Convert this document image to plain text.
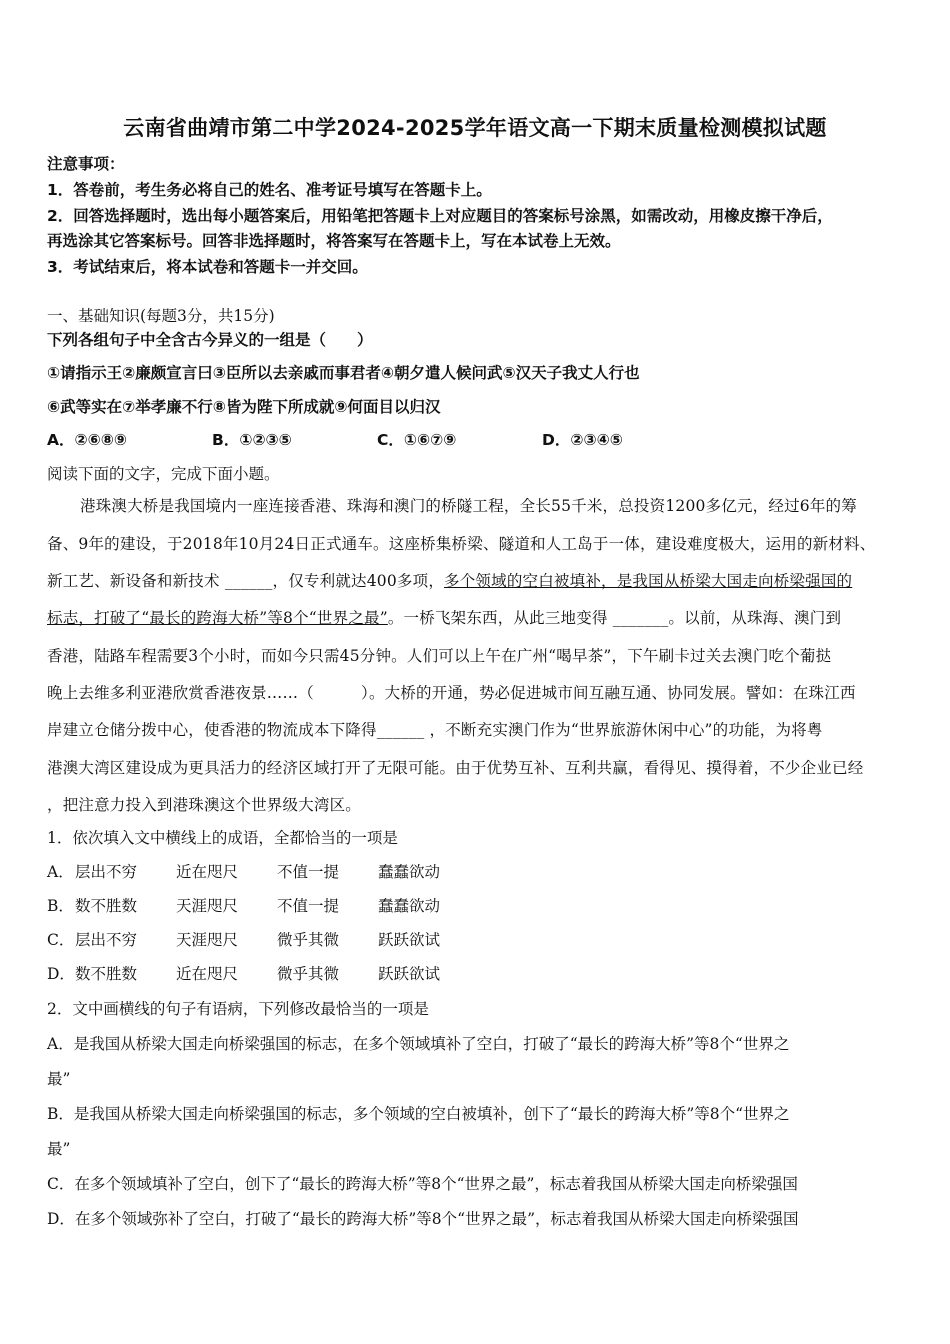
云南省曲靖市第二中学2024-2025学年语文高一下期末质量检测模拟试题
注意事项：
1．答卷前，考生务必将自己的姓名、准考证号填写在答题卡上。
2．回答选择题时，选出每小题答案后，用铅笔把答题卡上对应题目的答案标号涂黑，如需改动，用橡皮擦干净后，
再选涂其它答案标号。回答非选择题时，将答案写在答题卡上，写在本试卷上无效。
3．考试结束后，将本试卷和答题卡一并交回。
一、基础知识(每题3分，共15分)
下列各组句子中全含古今异义的一组是（　　）
①请指示王②廉颇宣言曰③臣所以去亲戚而事君者④朝夕遣人候问武⑤汉天子我丈人行也
⑥武等实在⑦举孝廉不行⑧皆为陛下所成就⑨何面目以归汉
A．②⑥⑧⑨	B．①②③⑤	C．①⑥⑦⑨	D．②③④⑤
阅读下面的文字，完成下面小题。
港珠澳大桥是我国境内一座连接香港、珠海和澳门的桥隧工程，全长55千米，总投资1200多亿元，经过6年的筹
备、9年的建设，于2018年10月24日正式通车。这座桥集桥梁、隧道和人工岛于一体，建设难度极大，运用的新材料、
新工艺、新设备和新技术 ______，仅专利就达400多项，多个领域的空白被填补，是我国从桥梁大国走向桥梁强国的
标志，打破了“最长的跨海大桥”等8个“世界之最”。一桥飞架东西，从此三地变得 _______。以前，从珠海、澳门到
香港，陆路车程需要3个小时，而如今只需45分钟。人们可以上午在广州“喝早茶”，下午刷卡过关去澳门吃个葡挞
晚上去维多利亚港欣赏香港夜景……（　　　）。大桥的开通，势必促进城市间互融互通、协同发展。譬如：在珠江西
岸建立仓储分拨中心，使香港的物流成本下降得______ ，不断充实澳门作为“世界旅游休闲中心”的功能，为将粤
港澳大湾区建设成为更具活力的经济区域打开了无限可能。由于优势互补、互利共赢，看得见、摸得着，不少企业已经
，把注意力投入到港珠澳这个世界级大湾区。
1．依次填入文中横线上的成语，全都恰当的一项是
A．层出不穷	近在咫尺	不值一提	蠢蠢欲动
B．数不胜数	天涯咫尺	不值一提	蠢蠢欲动
C．层出不穷	天涯咫尺	微乎其微	跃跃欲试
D．数不胜数	近在咫尺	微乎其微	跃跃欲试
2．文中画横线的句子有语病，下列修改最恰当的一项是
A．是我国从桥梁大国走向桥梁强国的标志，在多个领域填补了空白，打破了“最长的跨海大桥”等8个“世界之
最”
B．是我国从桥梁大国走向桥梁强国的标志，多个领域的空白被填补，创下了“最长的跨海大桥”等8个“世界之
最”
C．在多个领域填补了空白，创下了“最长的跨海大桥”等8个“世界之最”，标志着我国从桥梁大国走向桥梁强国
D．在多个领域弥补了空白，打破了“最长的跨海大桥”等8个“世界之最”，标志着我国从桥梁大国走向桥梁强国
